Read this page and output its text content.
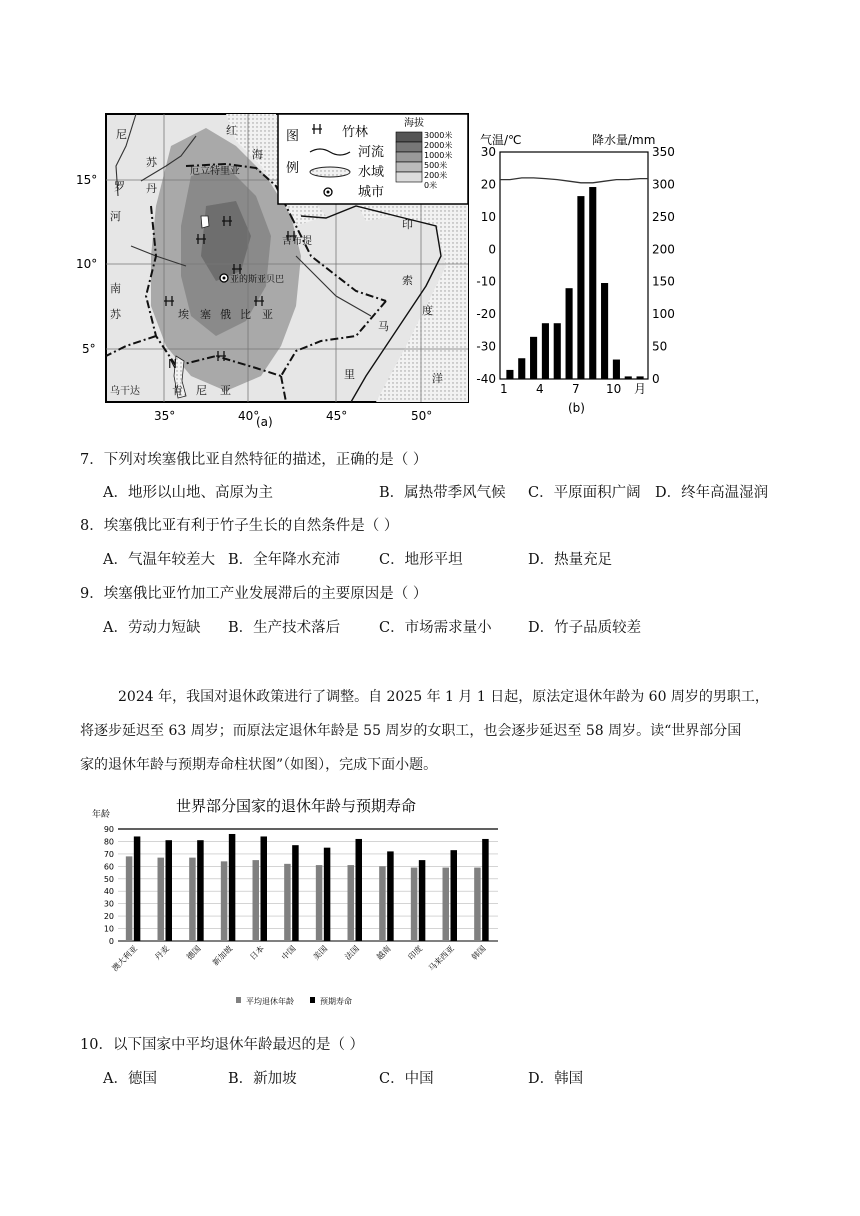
15°
10°
5°
35°	40°	45°	50°
(a)
尼
苏
丹
罗
河
红
海
厄立特里亚
吉布提
亚的斯亚贝巴
南
苏	埃 塞 俄 比 亚
印
索
度
马
里	洋
乌干达	肯 尼 亚
N
图
例
竹林
河流
水域
城市
海拔
3000米
2000米
1000米
500米
200米
0米
气温/℃	降水量/mm
30
20
10
0
-10
-20
-30
-40
350
300
250
200
150
100
50
0
1 4 7 10 月
(b)
7．下列对埃塞俄比亚自然特征的描述，正确的是（ ）
A．地形以山地、高原为主	B．属热带季风气候 C．平原面积广阔 D．终年高温湿润
8．埃塞俄比亚有利于竹子生长的自然条件是（ ）
A．气温年较差大 B．全年降水充沛	C．地形平坦	D．热量充足
9．埃塞俄比亚竹加工产业发展滞后的主要原因是（ ）
A．劳动力短缺 B．生产技术落后	C．市场需求量小	D．竹子品质较差
2024 年，我国对退休政策进行了调整。自 2025 年 1 月 1 日起，原法定退休年龄为 60 周岁的男职工，
将逐步延迟至 63 周岁；而原法定退休年龄是 55 周岁的女职工，也会逐步延迟至 58 周岁。读“世界部分国
家的退休年龄与预期寿命柱状图”（如图），完成下面小题。
世界部分国家的退休年龄与预期寿命
年龄
0
10
20
30
40
50
60
70
80
90
澳大利亚 丹麦 德国 新加坡 日本 中国 美国 法国 越南 印度 马来西亚 韩国
平均退休年龄	预期寿命
10．以下国家中平均退休年龄最迟的是（ ）
A．德国	B．新加坡	C．中国	D．韩国
